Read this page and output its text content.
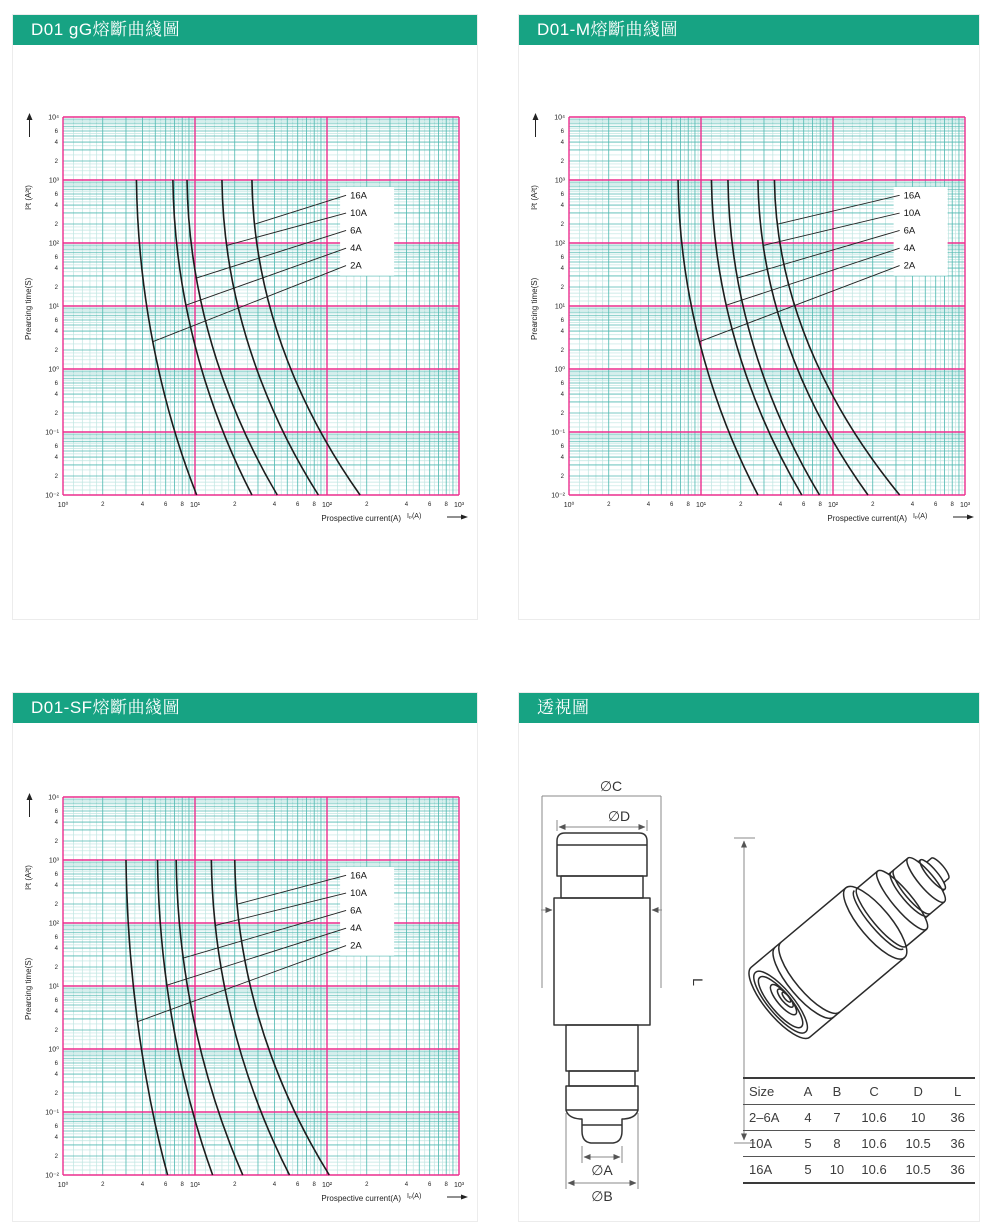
D01 gG熔斷曲綫圖
10⁰	10¹	10²	10³
2	4	6 8	2	4	6 8	2	4	6 8
10⁴
10³
10²
10¹
10⁰
10⁻¹
10⁻²
6
4
2
6
4
2
6
4
2
6
4
2
6
4
2
6
4
2
Prearcing time(S)
I²t (A²t)
Prospective current(A) Iₚ(A)
16A
10A
6A
4A
2A
D01-M熔斷曲綫圖
10⁰	10¹	10²	10³
2	4	6 8	2	4	6 8	2	4	6 8
10⁴
10³
10²
10¹
10⁰
10⁻¹
10⁻²
6
4
2
6
4
2
6
4
2
6
4
2
6
4
2
6
4
2
Prearcing time(S)
I²t (A²t)
Prospective current(A) Iₚ(A)
16A
10A
6A
4A
2A
D01-SF熔斷曲綫圖
10⁰	10¹	10²	10³
2	4	6 8	2	4	6 8	2	4	6 8
10⁴
10³
10²
10¹
10⁰
10⁻¹
10⁻²
6
4
2
6
4
2
6
4
2
6
4
2
6
4
2
6
4
2
Prearcing time(S)
I²t (A²t)
Prospective current(A) Iₚ(A)
16A
10A
6A
4A
2A
透視圖
∅C
∅D
∅A
∅B
L
Size	A	B	C	D	L
2–6A	4	7	10.6	10	36
10A	5	8	10.6	10.5	36
16A	5	10	10.6	10.5	36
